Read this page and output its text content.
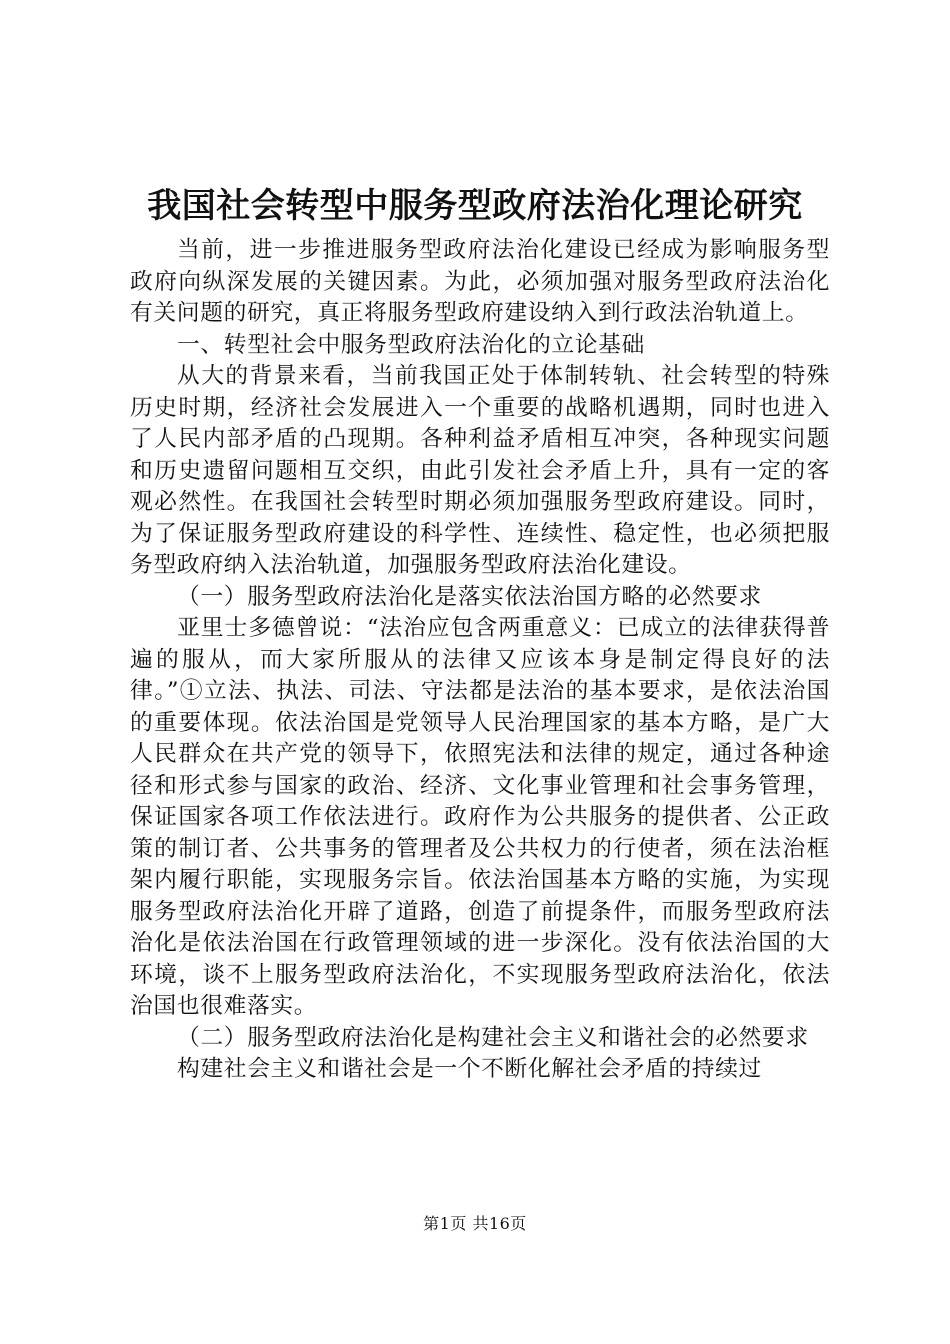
我国社会转型中服务型政府法治化理论研究

当前，进一步推进服务型政府法治化建设已经成为影响服务型政府向纵深发展的关键因素。为此，必须加强对服务型政府法治化有关问题的研究，真正将服务型政府建设纳入到行政法治轨道上。

一、转型社会中服务型政府法治化的立论基础

从大的背景来看，当前我国正处于体制转轨、社会转型的特殊历史时期，经济社会发展进入一个重要的战略机遇期，同时也进入了人民内部矛盾的凸现期。各种利益矛盾相互冲突，各种现实问题和历史遗留问题相互交织，由此引发社会矛盾上升，具有一定的客观必然性。在我国社会转型时期必须加强服务型政府建设。同时，为了保证服务型政府建设的科学性、连续性、稳定性，也必须把服务型政府纳入法治轨道，加强服务型政府法治化建设。

（一）服务型政府法治化是落实依法治国方略的必然要求

亚里士多德曾说：“法治应包含两重意义：已成立的法律获得普遍的服从，而大家所服从的法律又应该本身是制定得良好的法律。”①立法、执法、司法、守法都是法治的基本要求，是依法治国的重要体现。依法治国是党领导人民治理国家的基本方略，是广大人民群众在共产党的领导下，依照宪法和法律的规定，通过各种途径和形式参与国家的政治、经济、文化事业管理和社会事务管理，保证国家各项工作依法进行。政府作为公共服务的提供者、公正政策的制订者、公共事务的管理者及公共权力的行使者，须在法治框架内履行职能，实现服务宗旨。依法治国基本方略的实施，为实现服务型政府法治化开辟了道路，创造了前提条件，而服务型政府法治化是依法治国在行政管理领域的进一步深化。没有依法治国的大环境，谈不上服务型政府法治化，不实现服务型政府法治化，依法治国也很难落实。

（二）服务型政府法治化是构建社会主义和谐社会的必然要求

构建社会主义和谐社会是一个不断化解社会矛盾的持续过

第1页 共16页
